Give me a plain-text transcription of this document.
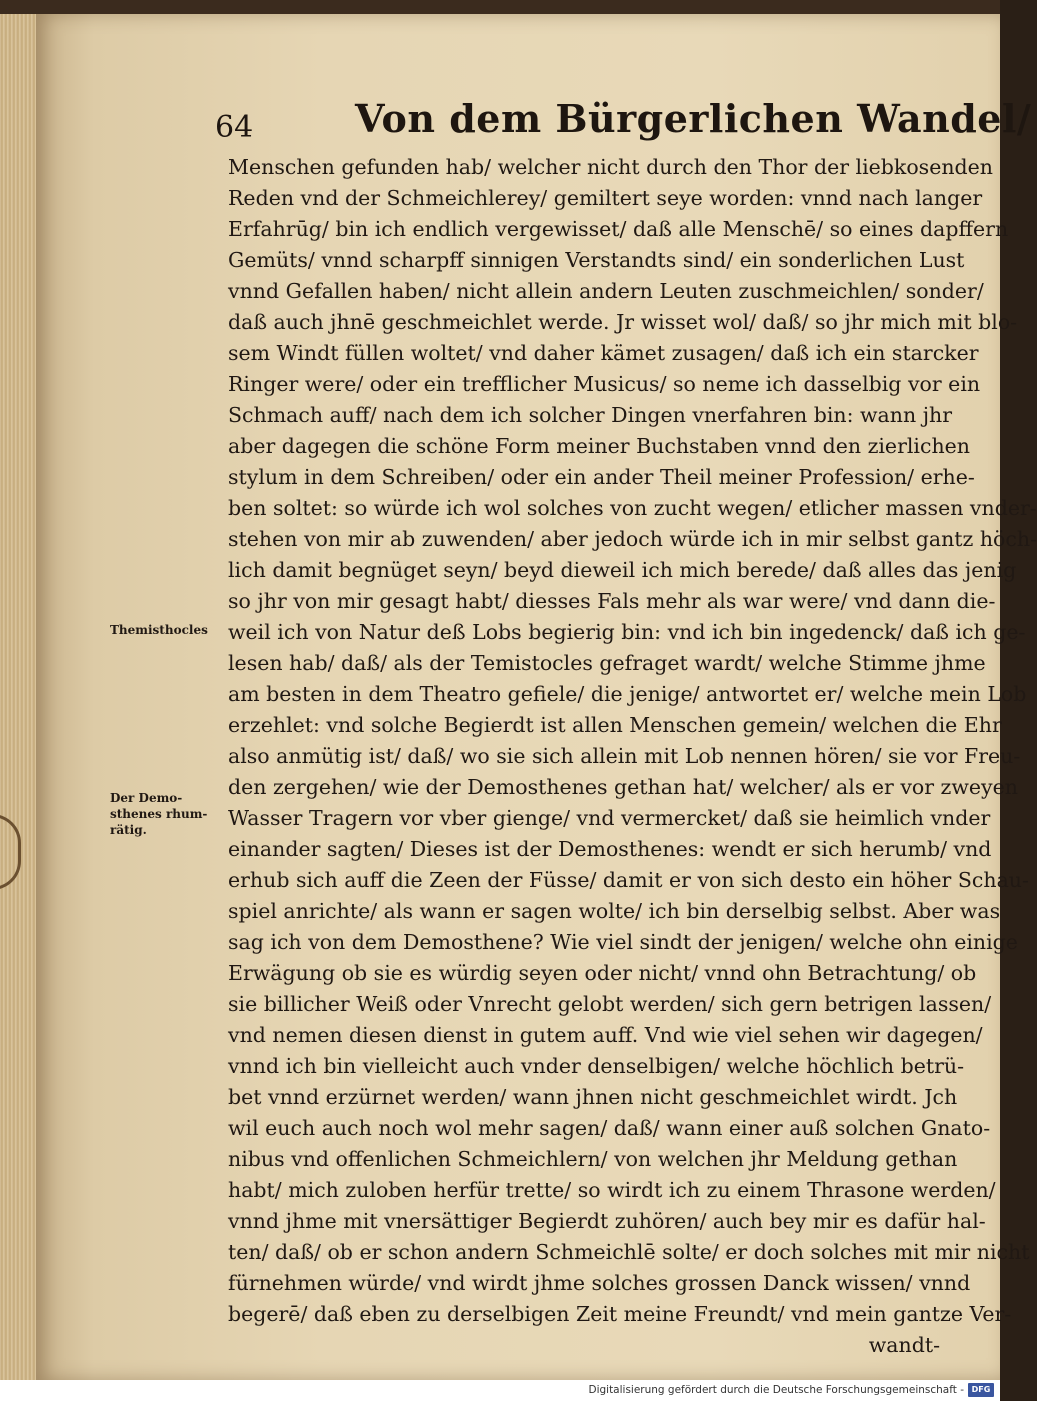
64	Von dem Bürgerlichen Wandel/
Menschen gefunden hab/ welcher nicht durch den Thor der liebkosenden
Reden vnd der Schmeichlerey/ gemiltert seye worden: vnnd nach langer
Erfahrūg/ bin ich endlich vergewisset/ daß alle Menschē/ so eines dapffern
Gemüts/ vnnd scharpff sinnigen Verstandts sind/ ein sonderlichen Lust
vnnd Gefallen haben/ nicht allein andern Leuten zuschmeichlen/ sonder/
daß auch jhnē geschmeichlet werde. Jr wisset wol/ daß/ so jhr mich mit blo-
sem Windt füllen woltet/ vnd daher kämet zusagen/ daß ich ein starcker
Ringer were/ oder ein trefflicher Musicus/ so neme ich dasselbig vor ein
Schmach auff/ nach dem ich solcher Dingen vnerfahren bin: wann jhr
aber dagegen die schöne Form meiner Buchstaben vnnd den zierlichen
stylum in dem Schreiben/ oder ein ander Theil meiner Profession/ erhe-
ben soltet: so würde ich wol solches von zucht wegen/ etlicher massen vnder-
stehen von mir ab zuwenden/ aber jedoch würde ich in mir selbst gantz höch-
lich damit begnüget seyn/ beyd dieweil ich mich berede/ daß alles das jenig
so jhr von mir gesagt habt/ diesses Fals mehr als war were/ vnd dann die-
weil ich von Natur deß Lobs begierig bin: vnd ich bin ingedenck/ daß ich ge-
lesen hab/ daß/ als der Temistocles gefraget wardt/ welche Stimme jhme
am besten in dem Theatro gefiele/ die jenige/ antwortet er/ welche mein Lob
erzehlet: vnd solche Begierdt ist allen Menschen gemein/ welchen die Ehr
also anmütig ist/ daß/ wo sie sich allein mit Lob nennen hören/ sie vor Freu-
den zergehen/ wie der Demosthenes gethan hat/ welcher/ als er vor zweyen
Wasser Tragern vor vber gienge/ vnd vermercket/ daß sie heimlich vnder
einander sagten/ Dieses ist der Demosthenes: wendt er sich herumb/ vnd
erhub sich auff die Zeen der Füsse/ damit er von sich desto ein höher Schau-
spiel anrichte/ als wann er sagen wolte/ ich bin derselbig selbst. Aber was
sag ich von dem Demosthene? Wie viel sindt der jenigen/ welche ohn einige
Erwägung ob sie es würdig seyen oder nicht/ vnnd ohn Betrachtung/ ob
sie billicher Weiß oder Vnrecht gelobt werden/ sich gern betrigen lassen/
vnd nemen diesen dienst in gutem auff. Vnd wie viel sehen wir dagegen/
vnnd ich bin vielleicht auch vnder denselbigen/ welche höchlich betrü-
bet vnnd erzürnet werden/ wann jhnen nicht geschmeichlet wirdt. Jch
wil euch auch noch wol mehr sagen/ daß/ wann einer auß solchen Gnato-
nibus vnd offenlichen Schmeichlern/ von welchen jhr Meldung gethan
habt/ mich zuloben herfür trette/ so wirdt ich zu einem Thrasone werden/
vnnd jhme mit vnersättiger Begierdt zuhören/ auch bey mir es dafür hal-
ten/ daß/ ob er schon andern Schmeichlē solte/ er doch solches mit mir nicht
fürnehmen würde/ vnd wirdt jhme solches grossen Danck wissen/ vnnd
begerē/ daß eben zu derselbigen Zeit meine Freundt/ vnd mein gantze Ver-
wandt-
Themisthocles
Der Demo-
sthenes rhum-
rätig.
Digitalisierung gefördert durch die Deutsche Forschungsgemeinschaft - DFG
